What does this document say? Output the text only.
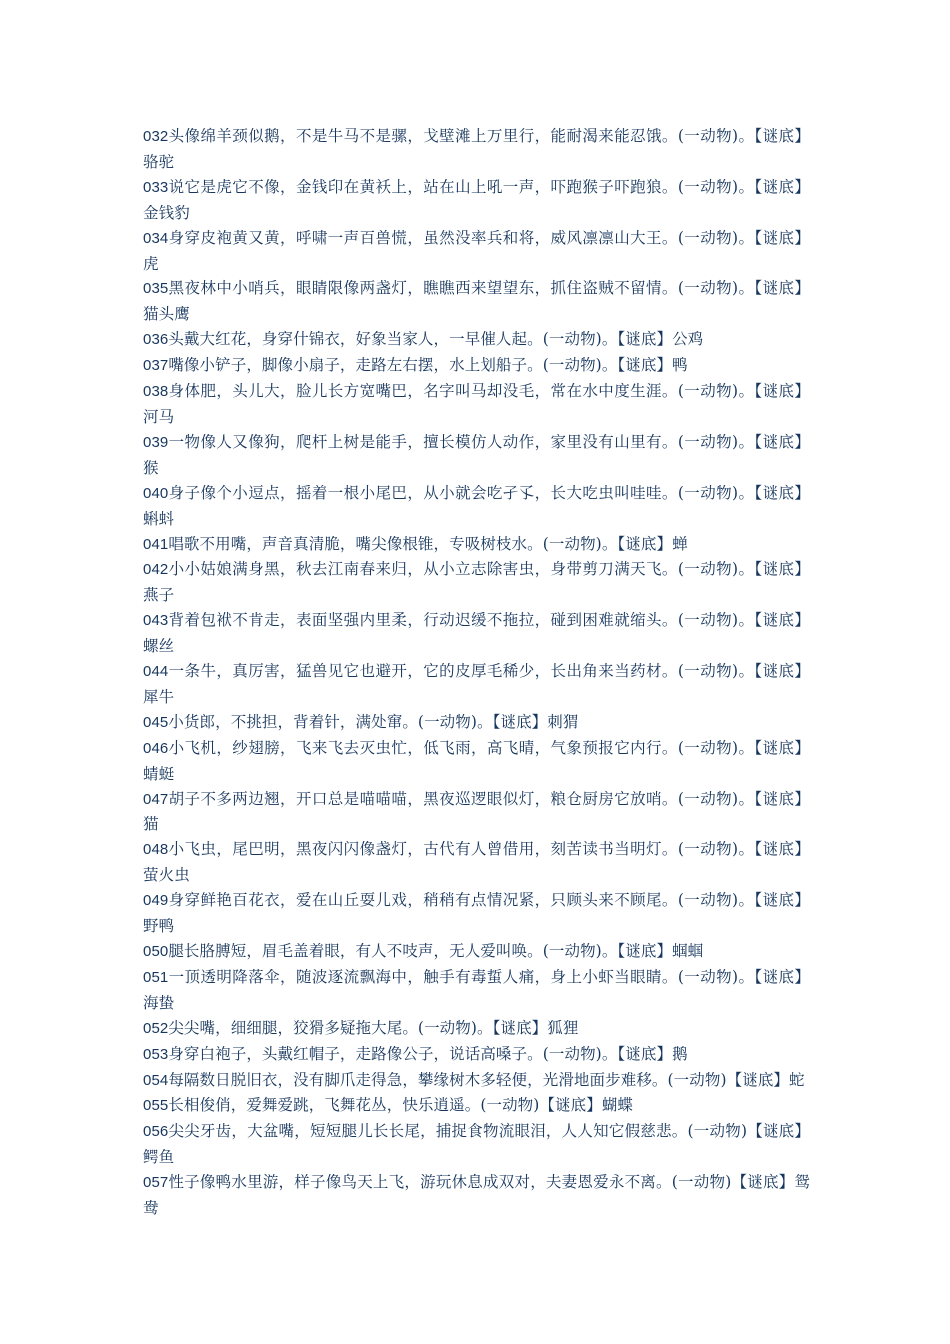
032头像绵羊颈似鹅，不是牛马不是骡，戈壁滩上万里行，能耐渴来能忍饿。(一动物)。【谜底】骆驼

033说它是虎它不像，金钱印在黄袄上，站在山上吼一声，吓跑猴子吓跑狼。(一动物)。【谜底】金钱豹

034身穿皮袍黄又黄，呼啸一声百兽慌，虽然没率兵和将，威风凛凛山大王。(一动物)。【谜底】虎

035黑夜林中小哨兵，眼睛限像两盏灯，瞧瞧西来望望东，抓住盗贼不留情。(一动物)。【谜底】猫头鹰

036头戴大红花，身穿什锦衣，好象当家人，一早催人起。(一动物)。【谜底】公鸡

037嘴像小铲子，脚像小扇子，走路左右摆，水上划船子。(一动物)。【谜底】鸭

038身体肥，头儿大，脸儿长方宽嘴巴，名字叫马却没毛，常在水中度生涯。(一动物)。【谜底】河马

039一物像人又像狗，爬杆上树是能手，擅长模仿人动作，家里没有山里有。(一动物)。【谜底】猴

040身子像个小逗点，摇着一根小尾巴，从小就会吃孑孓，长大吃虫叫哇哇。(一动物)。【谜底】蝌蚪

041唱歌不用嘴，声音真清脆，嘴尖像根锥，专吸树枝水。(一动物)。【谜底】蝉

042小小姑娘满身黑，秋去江南春来归，从小立志除害虫，身带剪刀满天飞。(一动物)。【谜底】燕子

043背着包袱不肯走，表面坚强内里柔，行动迟缓不拖拉，碰到困难就缩头。(一动物)。【谜底】螺丝

044一条牛，真厉害，猛兽见它也避开，它的皮厚毛稀少，长出角来当药材。(一动物)。【谜底】犀牛

045小货郎，不挑担，背着针，满处窜。(一动物)。【谜底】刺猬

046小飞机，纱翅膀，飞来飞去灭虫忙，低飞雨，高飞晴，气象预报它内行。(一动物)。【谜底】蜻蜓

047胡子不多两边翘，开口总是喵喵喵，黑夜巡逻眼似灯，粮仓厨房它放哨。(一动物)。【谜底】猫

048小飞虫，尾巴明，黑夜闪闪像盏灯，古代有人曾借用，刻苦读书当明灯。(一动物)。【谜底】萤火虫

049身穿鲜艳百花衣，爱在山丘耍儿戏，稍稍有点情况紧，只顾头来不顾尾。(一动物)。【谜底】野鸭

050腿长胳膊短，眉毛盖着眼，有人不吱声，无人爱叫唤。(一动物)。【谜底】蝈蝈

051一顶透明降落伞，随波逐流飘海中，触手有毒蜇人痛，身上小虾当眼睛。(一动物)。【谜底】海蛰

052尖尖嘴，细细腿，狡猾多疑拖大尾。(一动物)。【谜底】狐狸

053身穿白袍子，头戴红帽子，走路像公子，说话高嗓子。(一动物)。【谜底】鹅

054每隔数日脱旧衣，没有脚爪走得急，攀缘树木多轻便，光滑地面步难移。(一动物)【谜底】蛇

055长相俊俏，爱舞爱跳，飞舞花丛，快乐逍遥。(一动物)【谜底】蝴蝶

056尖尖牙齿，大盆嘴，短短腿儿长长尾，捕捉食物流眼泪，人人知它假慈悲。(一动物)【谜底】鳄鱼

057性子像鸭水里游，样子像鸟天上飞，游玩休息成双对，夫妻恩爱永不离。(一动物)【谜底】鸳鸯
